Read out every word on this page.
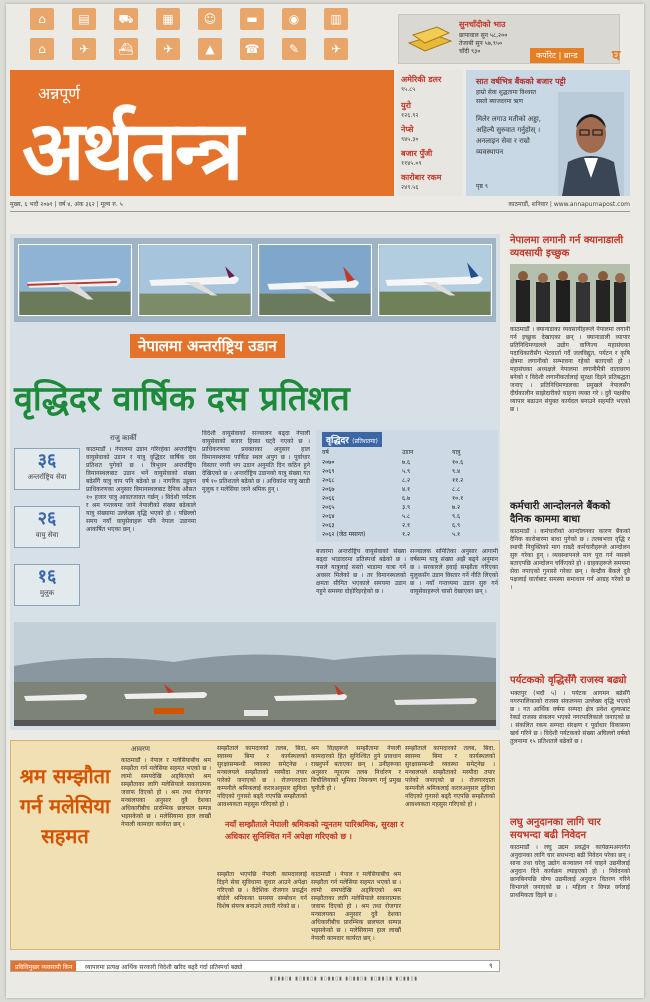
⌂	▤	⛟	▦	☺	▬	◉	▥
⌂	✈	⛴	✈	▲	☎	✎	✈
सुनचाँदीको भाउ
छापावाल सुन ५८,२००
तेजाबी सुन ५७,९५०
चाँदी ९३०	कर्पोरेट | ब्रान्ड	घ
अन्नपूर्ण
अर्थतन्त्र
अमेरिकी डलर
९५.८५
युरो
१२६.९२
नेप्से
९४५.३०
बजार पुँजी
११४५.०९
कारोबार रकम
२४९.५६
सात वर्षभित्र बैंकको बजार पट्टी
हाम्रो सेवा शुद्धतामा विश्वस्त
सस्तो ब्याजदरमा ऋण
मिलेर लगाउ मतीको अड्डा, अहिल्यै सुरुवात गर्नुहोस् । अनलाइन सेवा र राम्रो व्यवस्थापन
पृष्ठ ९
मुख्य, ६ भदौ २०७१ | वर्ष ४, अंक ३६२ | मूल्य रु. ५	काठमाडौं, शनिवार | www.annapurnapost.com
नेपालमा अन्तर्राष्ट्रिय उडान
वृद्धिदर वार्षिक दस प्रतिशत
राजु कार्की
३६
अन्तर्राष्ट्रिय सेवा
२६
वायु सेवा
१६
मुलुक
काठमाडौं । नेपालमा उडान गरिरहेका अन्तर्राष्ट्रिय वायुसेवाको उडान र यात्रु वृद्धिदर वार्षिक दस प्रतिशत पुगेको छ । त्रिभुवन अन्तर्राष्ट्रिय विमानस्थलबाट उडान भर्ने वायुसेवाको संख्या बढेसँगै यात्रु चाप पनि बढेको छ । नागरिक उड्डयन प्राधिकरणका अनुसार विमानस्थलबाट दैनिक औसत १० हजार यात्रु आवतजावत गर्छन् । विदेशी पर्यटक र श्रम गन्तव्यमा जाने नेपालीको संख्या बढेकाले यात्रु संख्यामा उल्लेख्य वृद्धि भएको हो । पछिल्लो समय नयाँ वायुसेवाहरू पनि नेपाल उडानमा आकर्षित भएका छन् ।
विदेशी वायुसेवाको सञ्चालन बढ्दा नेपाली वायुसेवाको बजार हिस्सा घट्दै गएको छ । प्राधिकरणका प्रवक्ताका अनुसार हाल विमानस्थलमा पार्किङ स्थल अपुग छ । पूर्वाधार विस्तार नगरी थप उडान अनुमति दिन कठिन हुने देखिएको छ । अन्तर्राष्ट्रिय उडानको यात्रु संख्या गत वर्ष १० प्रतिशतले बढेको छ । अधिकांश यात्रु खाडी मुलुक र मलेसिया जाने श्रमिक हुन् ।
वृद्धिदर (प्रतिशतमा)
वर्ष	उडान	यात्रु
२०७०	७.६	१०.६
२०६९	५.९	९.४
२०६८	८.२	११.२
२०६७	४.१	८.८
२०६६	६.७	१०.१
२०६५	३.९	७.२
२०६४	५.८	९.६
२०६३	२.१	६.९
२०६२ (जेठ मसान्त)	१.२	५.१
बजारमा अन्तर्राष्ट्रिय वायुसेवाको संख्या बढ्दा भाडादरमा प्रतिस्पर्धा बढेको छ । यसले यात्रुलाई सस्तो भाडामा यात्रा गर्ने अवसर मिलेको छ । तर विमानस्थलको क्षमता सीमित भएकाले समयमा उडान नहुने समस्या दोहोरिइरहेको छ ।
सञ्चालक समितिका अनुसार आगामी वर्षसम्म यात्रु संख्या अझै बढ्ने अनुमान छ । सरकारले हवाई सम्झौता गरिएका मुलुकसँग उडान विस्तार गर्ने नीति लिएको छ । नयाँ गन्तव्यमा उडान सुरु गर्न वायुसेवाहरूले चासो देखाएका छन् ।
नेपालमा लगानी गर्न क्यानाडाली व्यवसायी इच्छुक
काठमाडौं । क्यानाडाका व्यवसायीहरूले नेपालमा लगानी गर्न इच्छुक देखाएका छन् । क्यानाडाली व्यापार प्रतिनिधिमण्डलले उद्योग वाणिज्य महासंघका पदाधिकारीसँग भेटवार्ता गर्दै जलविद्युत, पर्यटन र कृषि क्षेत्रमा लगानीको सम्भावना रहेको बताएको हो । महासंघका अध्यक्षले नेपालमा लगानीमैत्री वातावरण बनेको र विदेशी लगानीकर्तालाई सुरक्षा दिइने प्रतिबद्धता जनाए । प्रतिनिधिमण्डलका प्रमुखले नेपालसँग दीर्घकालीन साझेदारीको चाहना व्यक्त गरे । दुवै पक्षबीच व्यापार बढाउन संयुक्त कार्यदल बनाउने सहमति भएको छ ।
कर्मचारी आन्दोलनले बैंकको दैनिक काममा बाधा
काठमाडौं । कर्मचारीको आन्दोलनका कारण बैंकको दैनिक कारोबारमा बाधा पुगेको छ । तलबभत्ता वृद्धि र स्थायी नियुक्तिको माग राख्दै कर्मचारीहरूले आन्दोलन सुरु गरेका हुन् । व्यवस्थापनले माग पूरा गर्न नसक्ने बताएपछि आन्दोलन चर्किएको हो । ग्राहकहरूले समयमा सेवा नपाएको गुनासो गरेका छन् । केन्द्रीय बैंकले दुवै पक्षलाई वार्ताबाट समस्या समाधान गर्न आग्रह गरेको छ ।
पर्यटकको वृद्धिसँगै राजस्व बढ्यो
भक्तपुर (भदौ ५) । पर्यटक आगमन बढेसँगै नगरपालिकाको राजस्व संकलनमा उल्लेख्य वृद्धि भएको छ । गत आर्थिक वर्षमा सम्पदा क्षेत्र प्रवेश शुल्कबाट रेकर्ड राजस्व संकलन भएको नगरपालिकाले जनाएको छ । संकलित रकम सम्पदा संरक्षण र पूर्वाधार विकासमा खर्च गरिने छ । विदेशी पर्यटकको संख्या अघिल्लो वर्षको तुलनामा १५ प्रतिशतले बढेको छ ।
लघु अनुदानका लागि चार सयभन्दा बढी निवेदन
काठमाडौं । लघु उद्यम प्रवर्द्धन कार्यक्रमअन्तर्गत अनुदानका लागि चार सयभन्दा बढी निवेदन परेका छन् । साना तथा घरेलु उद्योग सञ्चालन गर्न चाहने उद्यमीलाई अनुदान दिने कार्यक्रम ल्याइएको हो । निवेदनको छानबिनपछि योग्य उद्यमीलाई अनुदान वितरण गरिने विभागले जनाएको छ । महिला र विपन्न वर्गलाई प्राथमिकता दिइने छ ।
आवरण
श्रम सम्झौता गर्न मलेसिया सहमत
काठमाडौं । नेपाल र मलेसियाबीच श्रम सम्झौता गर्न मलेसिया सहमत भएको छ । लामो समयदेखि अड्किएको श्रम सम्झौताका लागि मलेसियाले सकारात्मक जवाफ दिएको हो । श्रम तथा रोजगार मन्त्रालयका अनुसार दुवै देशका अधिकारीबीच प्रारम्भिक छलफल सम्पन्न भइसकेको छ । मलेसियामा हाल लाखौं नेपाली कामदार कार्यरत छन् ।
सम्झौताले कामदारको तलब, बिदा, स्वास्थ्य बिमा र कार्यस्थलको सुरक्षासम्बन्धी व्यवस्था समेट्नेछ । मन्त्रालयले सम्झौताको मस्यौदा तयार पारेको जनाएको छ । रोजगारदाता कम्पनीले श्रमिकलाई करारअनुसार सुविधा नदिएको गुनासो बढ्दै गएपछि सम्झौताको आवश्यकता महसुस गरिएको हो ।
नयाँ सम्झौताले नेपाली श्रमिकको न्यूनतम पारिश्रमिक, सुरक्षा र अधिकार सुनिश्चित गर्ने अपेक्षा गरिएको छ ।
सम्झौता भएपछि नेपाली कामदारलाई दिइने सेवा सुविधामा सुधार आउने अपेक्षा गरिएको छ । वैदेशिक रोजगार प्रवर्द्धन बोर्डले श्रमिकका समस्या सम्बोधन गर्न विशेष संयन्त्र बनाउने तयारी गरेको छ ।
श्रम विज्ञहरूले सम्झौतामा नेपाली कामदारको हित सुनिश्चित हुने प्रावधान राख्नुपर्ने बताएका छन् । उनीहरूका अनुसार न्यूनतम तलब निर्धारण र बिचौलियाको भूमिका नियन्त्रण गर्नु प्रमुख चुनौती हो ।
सम्झौताले कामदारको तलब, बिदा, स्वास्थ्य बिमा र कार्यस्थलको सुरक्षासम्बन्धी व्यवस्था समेट्नेछ । मन्त्रालयले सम्झौताको मस्यौदा तयार पारेको जनाएको छ । रोजगारदाता कम्पनीले श्रमिकलाई करारअनुसार सुविधा नदिएको गुनासो बढ्दै गएपछि सम्झौताको आवश्यकता महसुस गरिएको हो ।
काठमाडौं । नेपाल र मलेसियाबीच श्रम सम्झौता गर्न मलेसिया सहमत भएको छ । लामो समयदेखि अड्किएको श्रम सम्झौताका लागि मलेसियाले सकारात्मक जवाफ दिएको हो । श्रम तथा रोजगार मन्त्रालयका अनुसार दुवै देशका अधिकारीबीच प्रारम्भिक छलफल सम्पन्न भइसकेको छ । मलेसियामा हाल लाखौं नेपाली कामदार कार्यरत छन् ।
प्रविधिमुखर व्यवसायी किन	व्यापारमा प्रत्यक्ष आर्थिक सरकारी विदेशी खरिद बढ्दै गर्दा प्रतिस्पर्धा बढ्यो	९
▮▯▮▮▯▮ ▮▯▮▮▯▮ ▮▯▮▮▯▮ ▮▯▮▮▯▮ ▮▯▮▮▯▮ ▮▯▮▮▯▮
